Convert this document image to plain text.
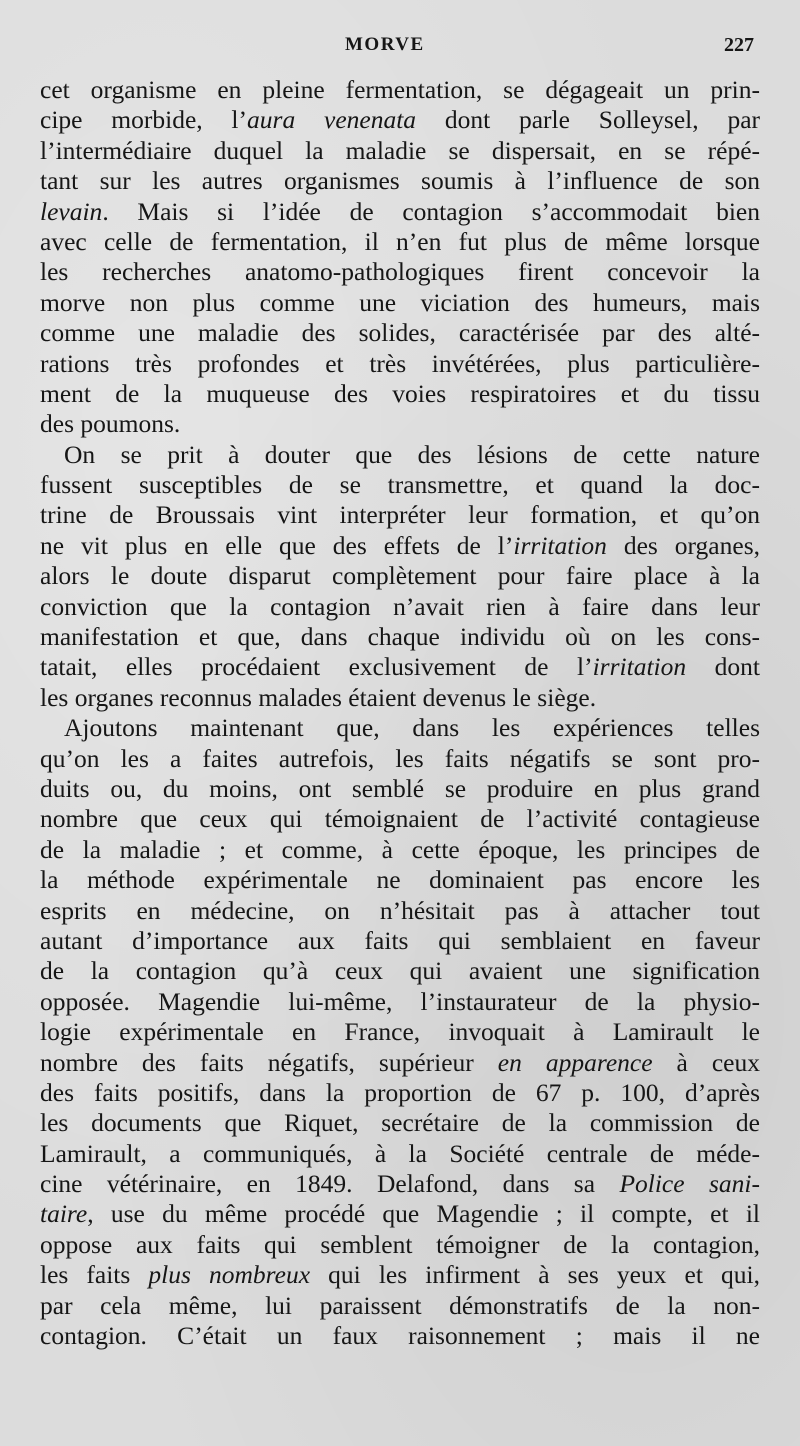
MORVE	227
cet organisme en pleine fermentation, se dégageait un prin-
cipe morbide, l’aura venenata dont parle Solleysel, par
l’intermédiaire duquel la maladie se dispersait, en se répé-
tant sur les autres organismes soumis à l’influence de son
levain. Mais si l’idée de contagion s’accommodait bien
avec celle de fermentation, il n’en fut plus de même lorsque
les recherches anatomo-pathologiques firent concevoir la
morve non plus comme une viciation des humeurs, mais
comme une maladie des solides, caractérisée par des alté-
rations très profondes et très invétérées, plus particulière-
ment de la muqueuse des voies respiratoires et du tissu
des poumons.
On se prit à douter que des lésions de cette nature
fussent susceptibles de se transmettre, et quand la doc-
trine de Broussais vint interpréter leur formation, et qu’on
ne vit plus en elle que des effets de l’irritation des organes,
alors le doute disparut complètement pour faire place à la
conviction que la contagion n’avait rien à faire dans leur
manifestation et que, dans chaque individu où on les cons-
tatait, elles procédaient exclusivement de l’irritation dont
les organes reconnus malades étaient devenus le siège.
Ajoutons maintenant que, dans les expériences telles
qu’on les a faites autrefois, les faits négatifs se sont pro-
duits ou, du moins, ont semblé se produire en plus grand
nombre que ceux qui témoignaient de l’activité contagieuse
de la maladie ; et comme, à cette époque, les principes de
la méthode expérimentale ne dominaient pas encore les
esprits en médecine, on n’hésitait pas à attacher tout
autant d’importance aux faits qui semblaient en faveur
de la contagion qu’à ceux qui avaient une signification
opposée. Magendie lui-même, l’instaurateur de la physio-
logie expérimentale en France, invoquait à Lamirault le
nombre des faits négatifs, supérieur en apparence à ceux
des faits positifs, dans la proportion de 67 p. 100, d’après
les documents que Riquet, secrétaire de la commission de
Lamirault, a communiqués, à la Société centrale de méde-
cine vétérinaire, en 1849. Delafond, dans sa Police sani-
taire, use du même procédé que Magendie ; il compte, et il
oppose aux faits qui semblent témoigner de la contagion,
les faits plus nombreux qui les infirment à ses yeux et qui,
par cela même, lui paraissent démonstratifs de la non-
contagion. C’était un faux raisonnement ; mais il ne
